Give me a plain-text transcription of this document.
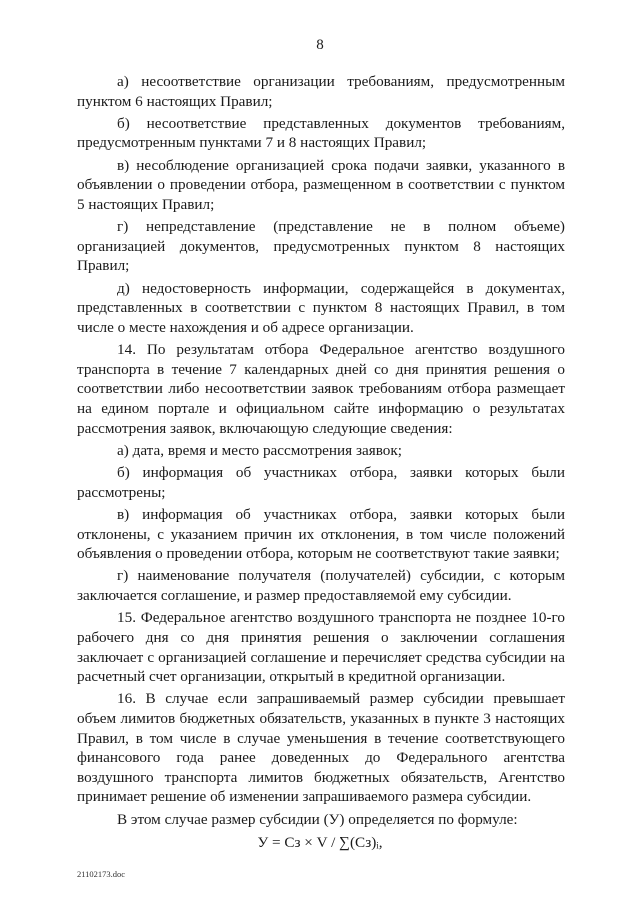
8

а) несоответствие организации требованиям, предусмотренным пунктом 6 настоящих Правил;

б) несоответствие представленных документов требованиям, предусмотренным пунктами 7 и 8 настоящих Правил;

в) несоблюдение организацией срока подачи заявки, указанного в объявлении о проведении отбора, размещенном в соответствии с пунктом 5 настоящих Правил;

г) непредставление (представление не в полном объеме) организацией документов, предусмотренных пунктом 8 настоящих Правил;

д) недостоверность информации, содержащейся в документах, представленных в соответствии с пунктом 8 настоящих Правил, в том числе о месте нахождения и об адресе организации.

14. По результатам отбора Федеральное агентство воздушного транспорта в течение 7 календарных дней со дня принятия решения о соответствии либо несоответствии заявок требованиям отбора размещает на едином портале и официальном сайте информацию о результатах рассмотрения заявок, включающую следующие сведения:

а) дата, время и место рассмотрения заявок;

б) информация об участниках отбора, заявки которых были рассмотрены;

в) информация об участниках отбора, заявки которых были отклонены, с указанием причин их отклонения, в том числе положений объявления о проведении отбора, которым не соответствуют такие заявки;

г) наименование получателя (получателей) субсидии, с которым заключается соглашение, и размер предоставляемой ему субсидии.

15. Федеральное агентство воздушного транспорта не позднее 10-го рабочего дня со дня принятия решения о заключении соглашения заключает с организацией соглашение и перечисляет средства субсидии на расчетный счет организации, открытый в кредитной организации.

16. В случае если запрашиваемый размер субсидии превышает объем лимитов бюджетных обязательств, указанных в пункте 3 настоящих Правил, в том числе в случае уменьшения в течение соответствующего финансового года ранее доведенных до Федерального агентства воздушного транспорта лимитов бюджетных обязательств, Агентство принимает решение об изменении запрашиваемого размера субсидии.

В этом случае размер субсидии (У) определяется по формуле:

У = Сз × V / ∑(Сз)ᵢ,
21102173.doc
